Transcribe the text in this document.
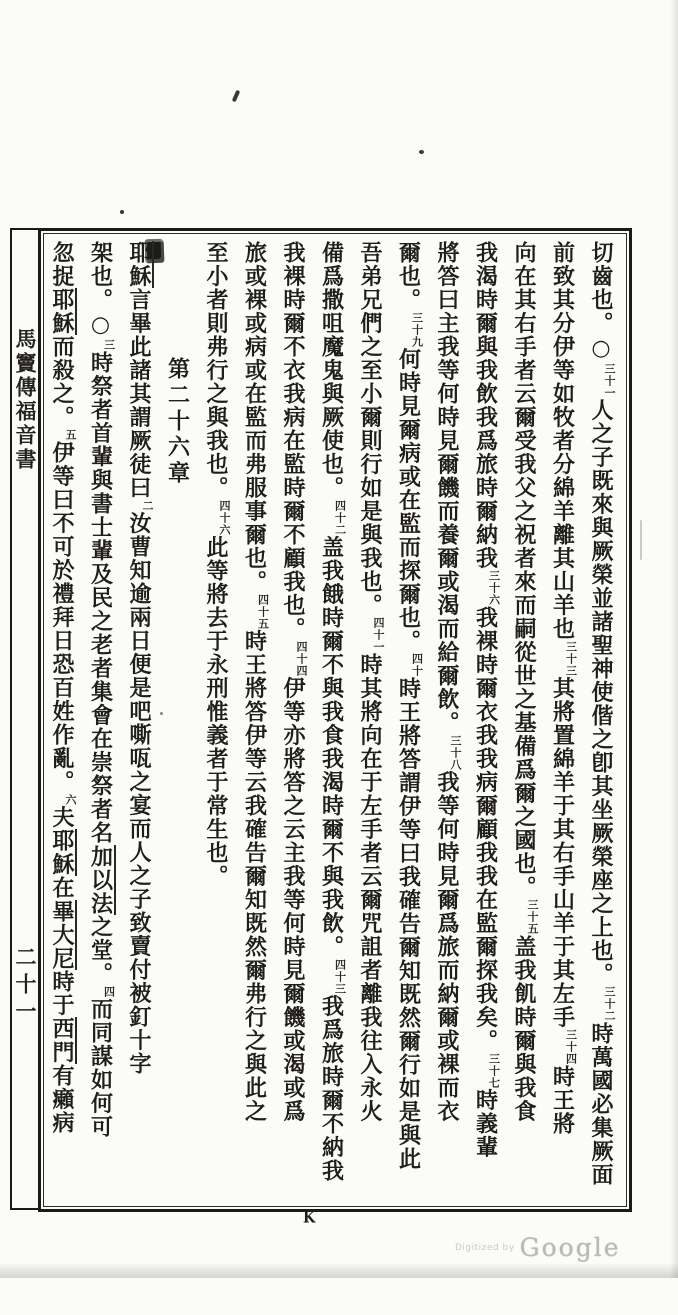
馬竇傳福音書
二十一
切齒也。○三十一人之子既來與厥榮並諸聖神使偕之卽其坐厥榮座之上也。三十二時萬國必集厥面
前致其分伊等如牧者分綿羊離其山羊也三十三其將置綿羊于其右手山羊于其左手三十四時王將
向在其右手者云爾受我父之祝者來而嗣從世之基備爲爾之國也。三十五盖我飢時爾與我食
我渴時爾與我飲我爲旅時爾納我三十六我裸時爾衣我我病爾顧我我在監爾探我矣。三十七時義輩
將答曰主我等何時見爾饑而養爾或渴而給爾飲。三十八我等何時見爾爲旅而納爾或裸而衣
爾也。三十九何時見爾病或在監而探爾也。四十時王將答謂伊等曰我確告爾知既然爾行如是與此
吾弟兄們之至小爾則行如是與我也。四十一時其將向在于左手者云爾咒詛者離我往入永火
備爲撒咀魔鬼與厥使也。四十二盖我餓時爾不與我食我渴時爾不與我飲。四十三我爲旅時爾不納我
我裸時爾不衣我病在監時爾不顧我也。四十四伊等亦將答之云主我等何時見爾饑或渴或爲
旅或裸或病或在監而弗服事爾也。四十五時王將答伊等云我確告爾知既然爾弗行之與此之
至小者則弗行之與我也。四十六此等將去于永刑惟義者于常生也。
第二十六章
耶穌言畢此諸其謂厥徒曰二汝曹知逾兩日便是吧嘶咓之宴而人之子致賣付被釘十字
架也。○三時祭者首輩與書士輩及民之老者集會在崇祭者名加以法之堂。四而同謀如何可
忽捉耶穌而殺之。五伊等曰不可於禮拜日恐百姓作亂。六夫耶穌在畢大尼時于西門有癩病
K
$^{Digitized by}$ Google
